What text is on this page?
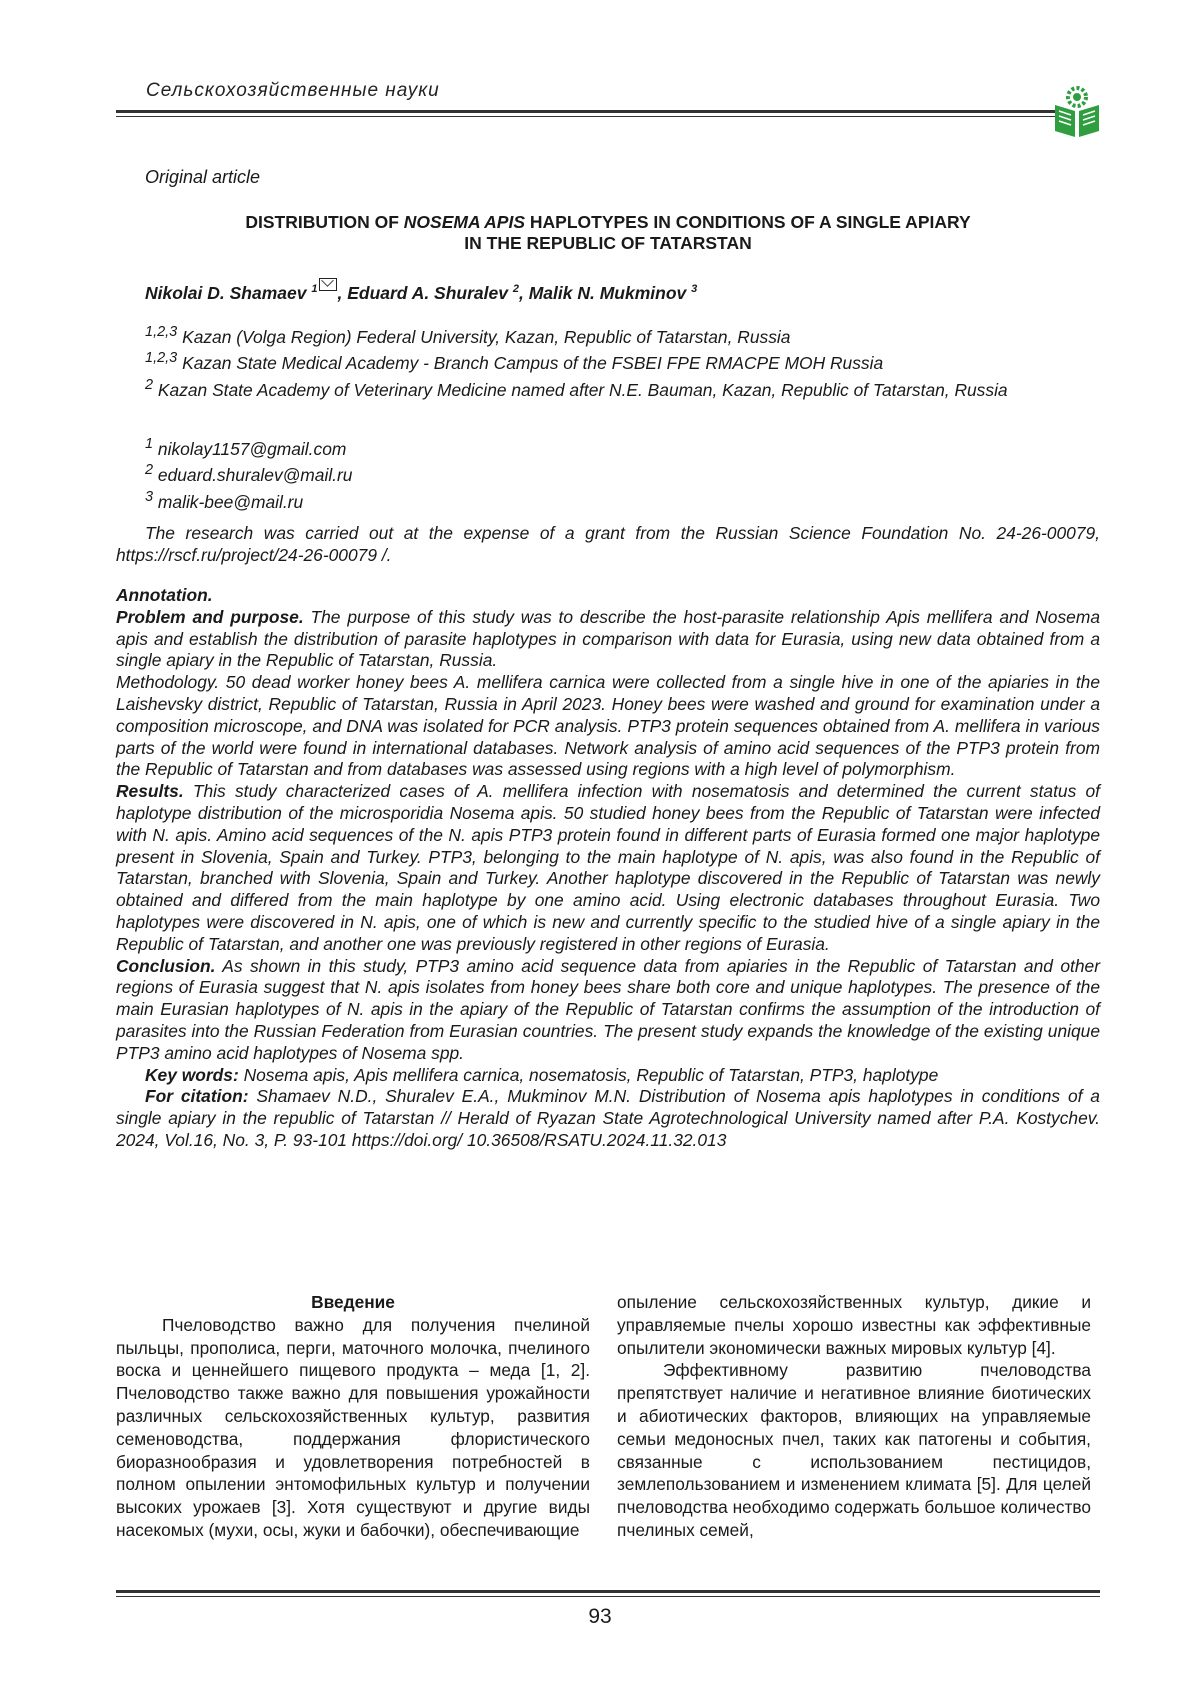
Сельскохозяйственные науки
Original article
DISTRIBUTION OF NOSEMA APIS HAPLOTYPES IN CONDITIONS OF A SINGLE APIARY
IN THE REPUBLIC OF TATARSTAN
Nikolai D. Shamaev $^1$ , Eduard A. Shuralev $^2$, Malik N. Mukminov $^3$
$^{1,2,3}$ Kazan (Volga Region) Federal University, Kazan, Republic of Tatarstan, Russia
$^{1,2,3}$ Kazan State Medical Academy - Branch Campus of the FSBEI FPE RMACPE MOH Russia
$^2$ Kazan State Academy of Veterinary Medicine named after N.E. Bauman, Kazan, Republic of Tatarstan, Russia
$^1$ nikolay1157@gmail.com
$^2$ eduard.shuralev@mail.ru
$^3$ malik-bee@mail.ru
The research was carried out at the expense of a grant from the Russian Science Foundation No. 24-26-00079, https://rscf.ru/project/24-26-00079 /.
Annotation.
Problem and purpose. The purpose of this study was to describe the host-parasite relationship Apis mellifera and Nosema apis and establish the distribution of parasite haplotypes in comparison with data for Eurasia, using new data obtained from a single apiary in the Republic of Tatarstan, Russia.
Methodology. 50 dead worker honey bees A. mellifera carnica were collected from a single hive in one of the apiaries in the Laishevsky district, Republic of Tatarstan, Russia in April 2023. Honey bees were washed and ground for examination under a composition microscope, and DNA was isolated for PCR analysis. PTP3 protein sequences obtained from A. mellifera in various parts of the world were found in international databases. Network analysis of amino acid sequences of the PTP3 protein from the Republic of Tatarstan and from databases was assessed using regions with a high level of polymorphism.
Results. This study characterized cases of A. mellifera infection with nosematosis and determined the current status of haplotype distribution of the microsporidia Nosema apis. 50 studied honey bees from the Republic of Tatarstan were infected with N. apis. Amino acid sequences of the N. apis PTP3 protein found in different parts of Eurasia formed one major haplotype present in Slovenia, Spain and Turkey. PTP3, belonging to the main haplotype of N. apis, was also found in the Republic of Tatarstan, branched with Slovenia, Spain and Turkey. Another haplotype discovered in the Republic of Tatarstan was newly obtained and differed from the main haplotype by one amino acid. Using electronic databases throughout Eurasia. Two haplotypes were discovered in N. apis, one of which is new and currently specific to the studied hive of a single apiary in the Republic of Tatarstan, and another one was previously registered in other regions of Eurasia.
Conclusion. As shown in this study, PTP3 amino acid sequence data from apiaries in the Republic of Tatarstan and other regions of Eurasia suggest that N. apis isolates from honey bees share both core and unique haplotypes. The presence of the main Eurasian haplotypes of N. apis in the apiary of the Republic of Tatarstan confirms the assumption of the introduction of parasites into the Russian Federation from Eurasian countries. The present study expands the knowledge of the existing unique PTP3 amino acid haplotypes of Nosema spp.
Key words: Nosema apis, Apis mellifera carnica, nosematosis, Republic of Tatarstan, PTP3, haplotype
For citation: Shamaev N.D., Shuralev E.A., Mukminov M.N. Distribution of Nosema apis haplotypes in conditions of a single apiary in the republic of Tatarstan // Herald of Ryazan State Agrotechnological University named after P.A. Kostychev. 2024, Vol.16, No. 3, P. 93-101 https://doi.org/ 10.36508/RSATU.2024.11.32.013
Введение

Пчеловодство важно для получения пчелиной пыльцы, прополиса, перги, маточного молочка, пчелиного воска и ценнейшего пищевого продукта – меда [1, 2]. Пчеловодство также важно для повышения урожайности различных сельскохозяйственных культур, развития семеноводства, поддержания флористического биоразнообразия и удовлетворения потребностей в полном опылении энтомофильных культур и получении высоких урожаев [3]. Хотя существуют и другие виды насекомых (мухи, осы, жуки и бабочки), обеспечивающие

опыление сельскохозяйственных культур, дикие и управляемые пчелы хорошо известны как эффективные опылители экономически важных мировых культур [4].

Эффективному развитию пчеловодства препятствует наличие и негативное влияние биотических и абиотических факторов, влияющих на управляемые семьи медоносных пчел, таких как патогены и события, связанные с использованием пестицидов, землепользованием и изменением климата [5]. Для целей пчеловодства необходимо содержать большое количество пчелиных семей,

93
